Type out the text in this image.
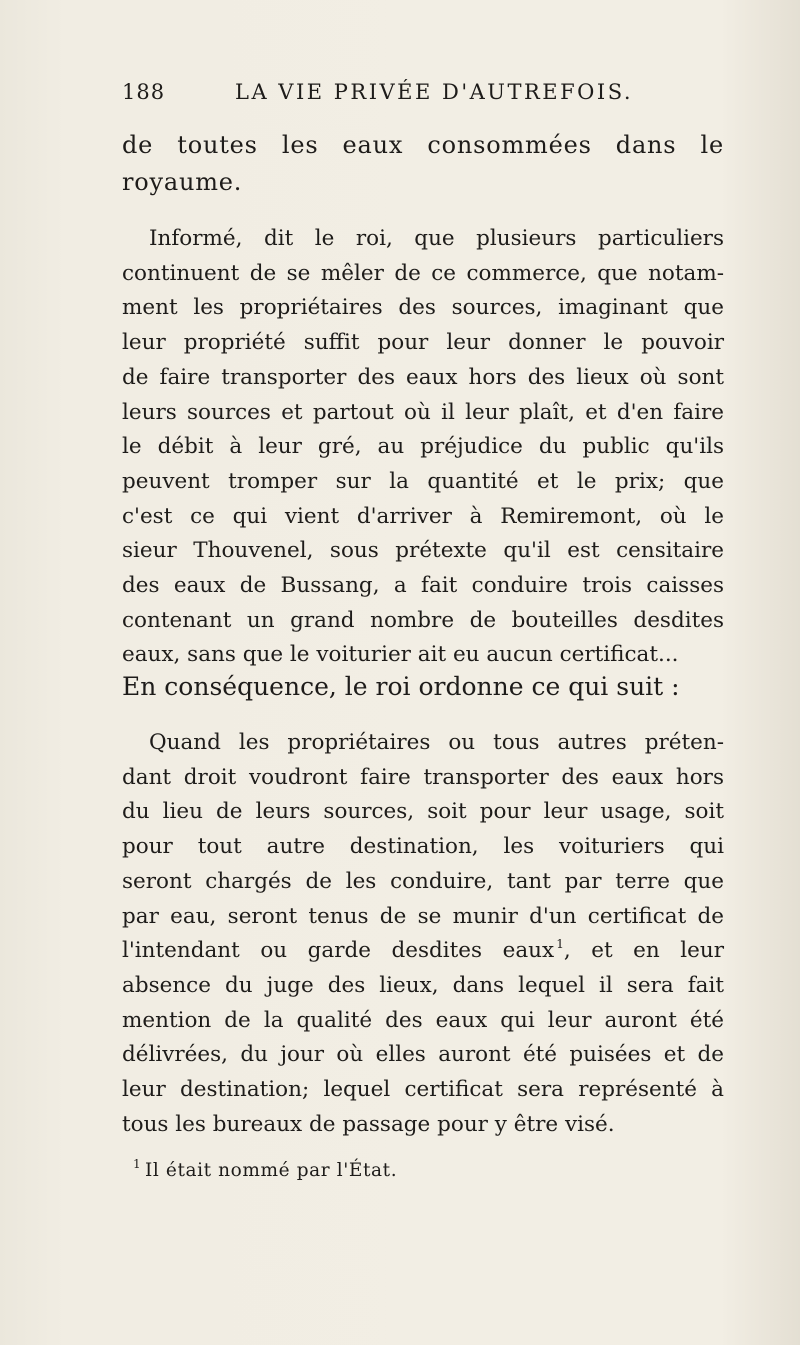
188	LA VIE PRIVÉE D'AUTREFOIS.
de toutes les eaux consommées dans le
royaume.
Informé, dit le roi, que plusieurs particuliers
continuent de se mêler de ce commerce, que notam-
ment les propriétaires des sources, imaginant que
leur propriété suffit pour leur donner le pouvoir
de faire transporter des eaux hors des lieux où sont
leurs sources et partout où il leur plaît, et d'en faire
le débit à leur gré, au préjudice du public qu'ils
peuvent tromper sur la quantité et le prix; que
c'est ce qui vient d'arriver à Remiremont, où le
sieur Thouvenel, sous prétexte qu'il est censitaire
des eaux de Bussang, a fait conduire trois caisses
contenant un grand nombre de bouteilles desdites
eaux, sans que le voiturier ait eu aucun certificat...
En conséquence, le roi ordonne ce qui suit :
Quand les propriétaires ou tous autres préten-
dant droit voudront faire transporter des eaux hors
du lieu de leurs sources, soit pour leur usage, soit
pour tout autre destination, les voituriers qui
seront chargés de les conduire, tant par terre que
par eau, seront tenus de se munir d'un certificat de
l'intendant ou garde desdites eaux  $^1$, et en leur
absence du juge des lieux, dans lequel il sera fait
mention de la qualité des eaux qui leur auront été
délivrées, du jour où elles auront été puisées et de
leur destination; lequel certificat sera représenté à
tous les bureaux de passage pour y être visé.
1 Il était nommé par l'État.
